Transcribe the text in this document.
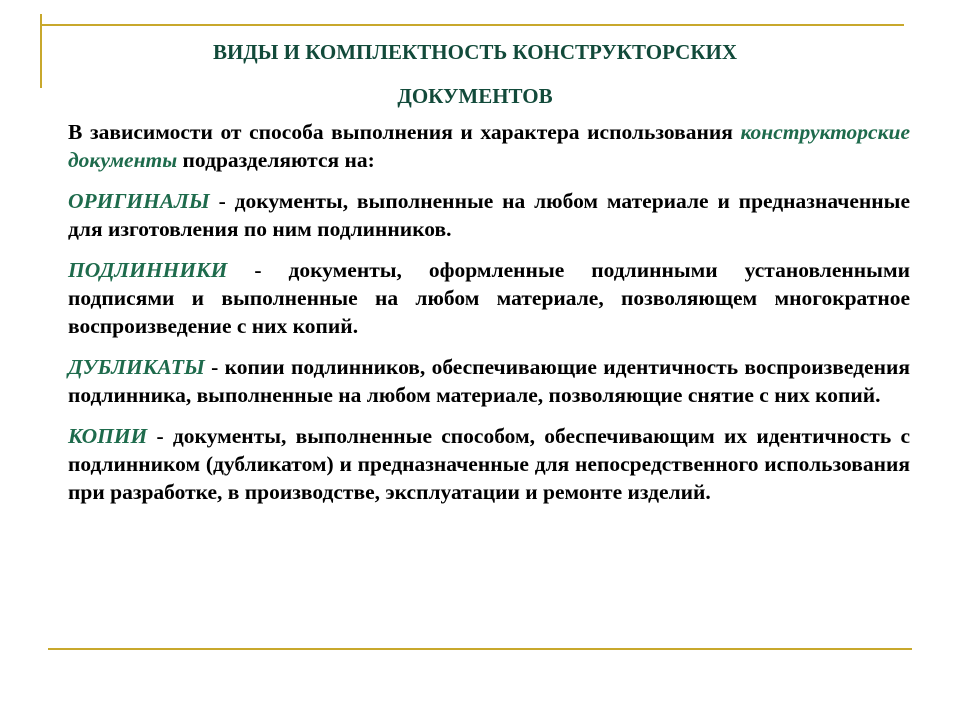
ВИДЫ И КОМПЛЕКТНОСТЬ КОНСТРУКТОРСКИХ
ДОКУМЕНТОВ

В зависимости от способа выполнения и характера использования конструкторские документы подразделяются на:

ОРИГИНАЛЫ - документы, выполненные на любом материале и предназначенные для изготовления по ним подлинников.

ПОДЛИННИКИ - документы, оформленные подлинными установленными подписями и выполненные на любом материале, позволяющем многократное воспроизведение с них копий.

ДУБЛИКАТЫ - копии подлинников, обеспечивающие идентичность воспроизведения подлинника, выполненные на любом материале, позволяющие снятие с них копий.

КОПИИ - документы, выполненные способом, обеспечивающим их идентичность с подлинником (дубликатом) и предназначенные для непосредственного использования при разработке, в производстве, эксплуатации и ремонте изделий.
